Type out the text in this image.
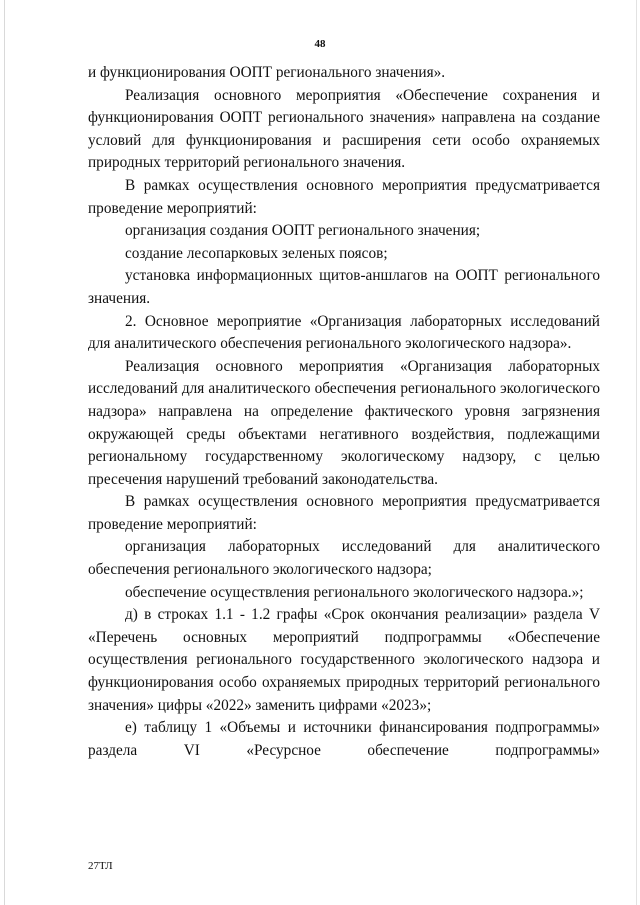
48

и функционирования ООПТ регионального значения».

Реализация основного мероприятия «Обеспечение сохранения и функционирования ООПТ регионального значения» направлена на создание условий для функционирования и расширения сети особо охраняемых природных территорий регионального значения.

В рамках осуществления основного мероприятия предусматривается проведение мероприятий:

организация создания ООПТ регионального значения;

создание лесопарковых зеленых поясов;

установка информационных щитов-аншлагов на ООПТ регионального значения.

2. Основное мероприятие «Организация лабораторных исследований для аналитического обеспечения регионального экологического надзора».

Реализация основного мероприятия «Организация лабораторных исследований для аналитического обеспечения регионального экологического надзора» направлена на определение фактического уровня загрязнения окружающей среды объектами негативного воздействия, подлежащими региональному государственному экологическому надзору, с целью пресечения нарушений требований законодательства.

В рамках осуществления основного мероприятия предусматривается проведение мероприятий:

организация лабораторных исследований для аналитического обеспечения регионального экологического надзора;

обеспечение осуществления регионального экологического надзора.»;

д) в строках 1.1 - 1.2 графы «Срок окончания реализации» раздела V «Перечень основных мероприятий подпрограммы «Обеспечение осуществления регионального государственного экологического надзора и функционирования особо охраняемых природных территорий регионального значения» цифры «2022» заменить цифрами «2023»;

е) таблицу 1 «Объемы и источники финансирования подпрограммы» раздела VI «Ресурсное обеспечение подпрограммы»

27ТЛ
